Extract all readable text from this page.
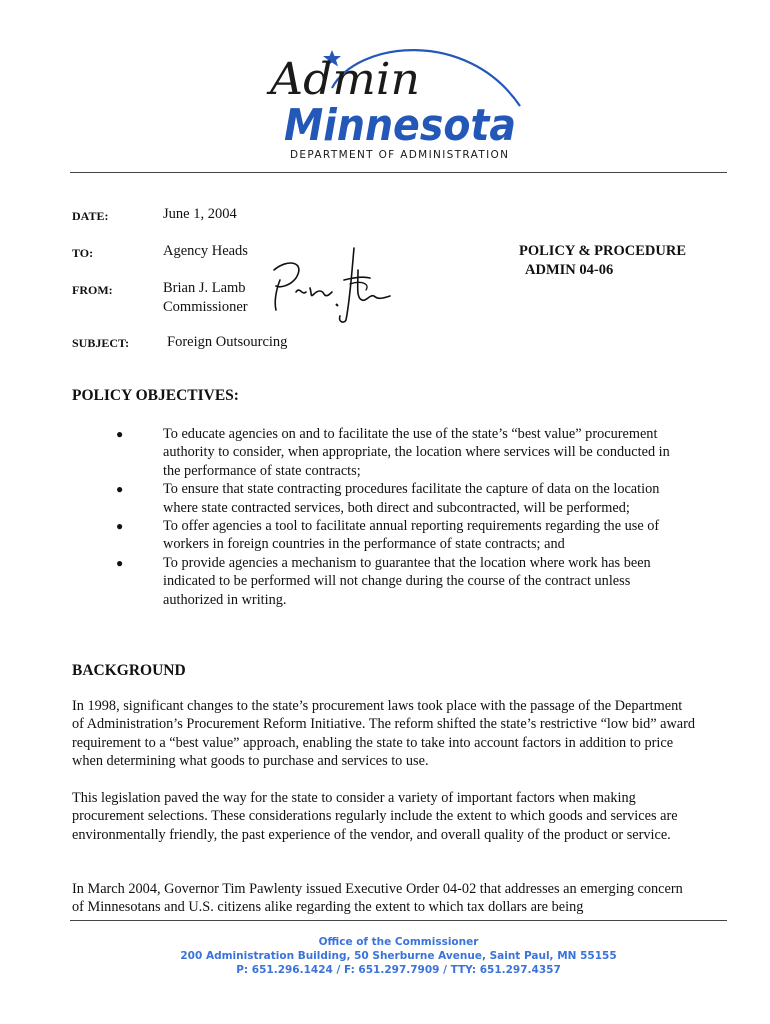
Admin
Minnesota
DEPARTMENT OF ADMINISTRATION
DATE:	June 1, 2004
TO:	Agency Heads
FROM:	Brian J. Lamb
Commissioner
SUBJECT:	Foreign Outsourcing
POLICY & PROCEDURE
ADMIN 04-06
POLICY OBJECTIVES:
●	To educate agencies on and to facilitate the use of the state’s “best value” procurement authority to consider, when appropriate, the location where services will be conducted in the performance of state contracts;
●	To ensure that state contracting procedures facilitate the capture of data on the location where state contracted services, both direct and subcontracted, will be performed;
●	To offer agencies a tool to facilitate annual reporting requirements regarding the use of workers in foreign countries in the performance of state contracts; and
●	To provide agencies a mechanism to guarantee that the location where work has been indicated to be performed will not change during the course of the contract unless authorized in writing.
BACKGROUND

In 1998, significant changes to the state’s procurement laws took place with the passage of the Department of Administration’s Procurement Reform Initiative. The reform shifted the state’s restrictive “low bid” award requirement to a “best value” approach, enabling the state to take into account factors in addition to price when determining what goods to purchase and services to use.

This legislation paved the way for the state to consider a variety of important factors when making procurement selections. These considerations regularly include the extent to which goods and services are environmentally friendly, the past experience of the vendor, and overall quality of the product or service.

In March 2004, Governor Tim Pawlenty issued Executive Order 04-02 that addresses an emerging concern of Minnesotans and U.S. citizens alike regarding the extent to which tax dollars are being

Office of the Commissioner
200 Administration Building, 50 Sherburne Avenue, Saint Paul, MN 55155
P: 651.296.1424 / F: 651.297.7909 / TTY: 651.297.4357
